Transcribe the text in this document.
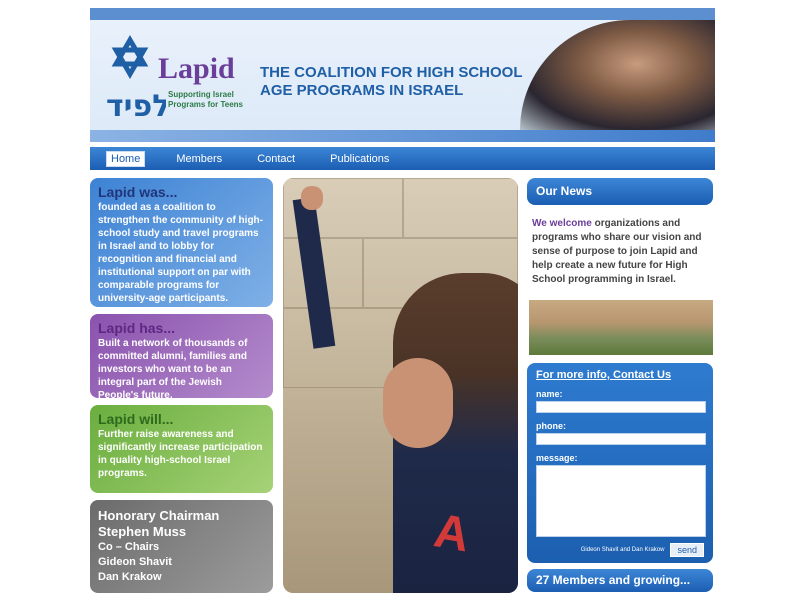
לפיד
Lapid
Supporting Israel Programs for Teens
THE COALITION FOR HIGH SCHOOL AGE PROGRAMS IN ISRAEL
Home	Members	Contact	Publications
Lapid was...

founded as a coalition to strengthen the community of high-school study and travel programs in Israel and to lobby for recognition and financial and institutional support on par with comparable programs for university-age participants.

Lapid has...

Built a network of thousands of committed alumni, families and investors who want to be an integral part of the Jewish People's future.

Lapid will...

Further raise awareness and significantly increase participation in quality high-school Israel programs.

Honorary Chairman
Stephen Muss
Co – Chairs
Gideon Shavit
Dan Krakow
A
Our News
We welcome organizations and programs who share our vision and sense of purpose to join Lapid and help create a new future for High School programming in Israel.
For more info, Contact Us
name:
phone:
message:
Gideon Shavit and Dan Krakow	send
27 Members and growing...
